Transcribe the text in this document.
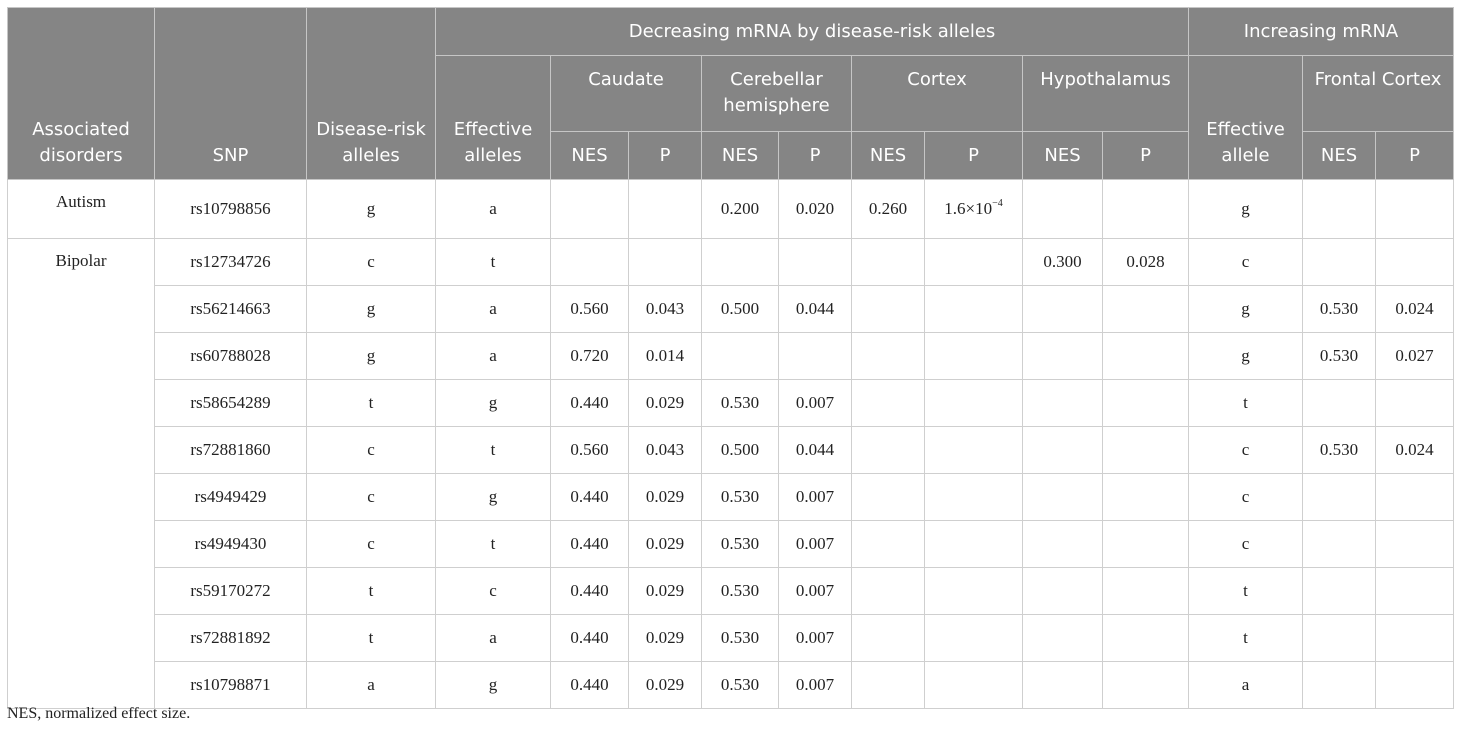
Associated disorders	SNP	Disease-risk alleles	Decreasing mRNA by disease-risk alleles									Increasing mRNA		
			Effective alleles	Caudate		Cerebellar hemisphere		Cortex		Hypothalamus		Effective allele	Frontal Cortex	
				NES	P	NES	P	NES	P	NES	P		NES	P
Autism	rs10798856	g	a			0.200	0.020	0.260	$1.6\times 10^{-4}$			g		
Bipolar	rs12734726	c	t							0.300	0.028	c		
	rs56214663	g	a	0.560	0.043	0.500	0.044					g	0.530	0.024
	rs60788028	g	a	0.720	0.014							g	0.530	0.027
	rs58654289	t	g	0.440	0.029	0.530	0.007					t		
	rs72881860	c	t	0.560	0.043	0.500	0.044					c	0.530	0.024
	rs4949429	c	g	0.440	0.029	0.530	0.007					c		
	rs4949430	c	t	0.440	0.029	0.530	0.007					c		
	rs59170272	t	c	0.440	0.029	0.530	0.007					t		
	rs72881892	t	a	0.440	0.029	0.530	0.007					t		
	rs10798871	a	g	0.440	0.029	0.530	0.007					a		
NES, normalized effect size.
